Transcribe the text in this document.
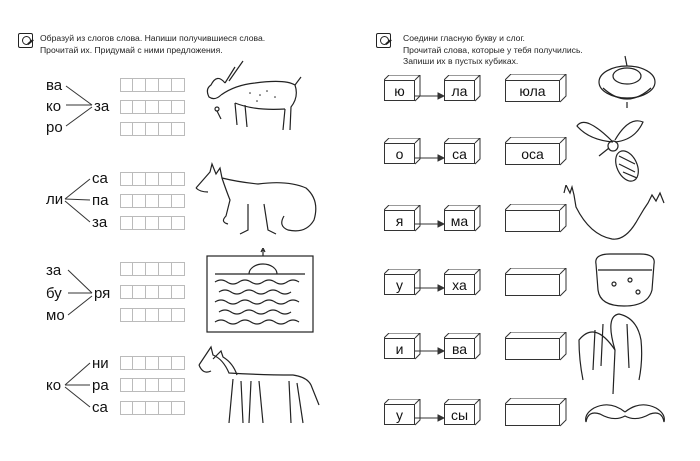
Образуй из слогов слова. Напиши получившиеся слова.
Прочитай их. Придумай с ними предложения.
ва
ко
ро
за
ли
са
па
за
за
бу
мо
ря
ко
ни
ра
са
Соедини гласную букву и слог.
Прочитай слова, которые у тебя получились.
Запиши их в пустых кубиках.
ю	ла	юла
о	са	оса
я	ма
у	ха
и	ва
у	сы
